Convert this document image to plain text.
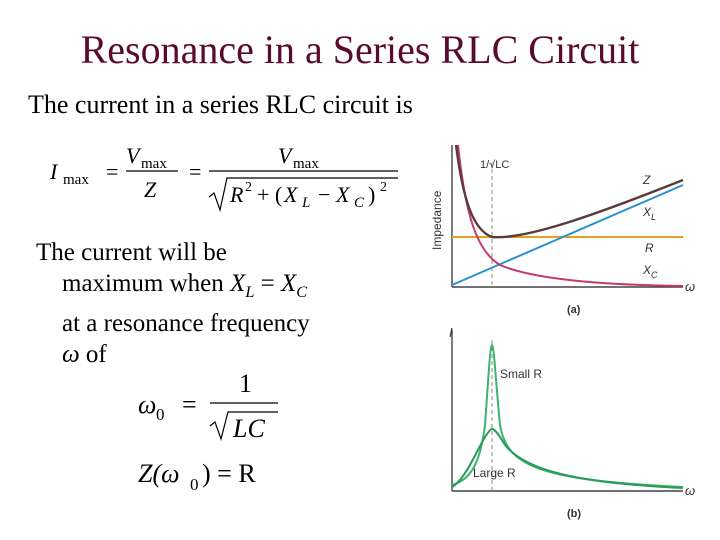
Resonance in a Series RLC Circuit
The current in a series RLC circuit is
I max =
V max
Z
=
V max
R 2 + ( X L − X C ) 2
The current will be
maximum when $X_L = X_C$
at a resonance frequency
ω of
ω 0 =
1
LC
Z(ω 0 ) = R
1/√LC
Impedance
Z
X L
R
X C
ω
(a)
I
Small R
Large R
ω
(b)
